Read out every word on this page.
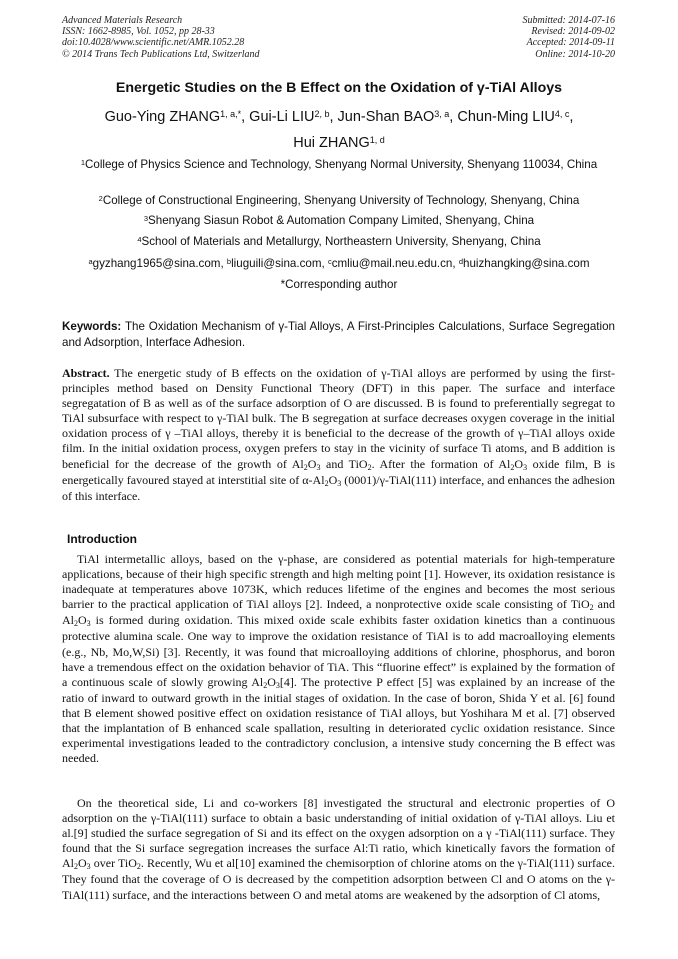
Advanced Materials Research
ISSN: 1662-8985, Vol. 1052, pp 28-33
doi:10.4028/www.scientific.net/AMR.1052.28
© 2014 Trans Tech Publications Ltd, Switzerland
Submitted: 2014-07-16
Revised: 2014-09-02
Accepted: 2014-09-11
Online: 2014-10-20
Energetic Studies on the B Effect on the Oxidation of γ-TiAl Alloys
Guo-Ying $ZHANG^{1, a,*}$, Gui-Li LIU$^{2, b}$, Jun-Shan BAO$^{3, a}$, Chun-Ming LIU$^{4, c}$,
Hui ZHANG$^{1, d}$
$^1$College of Physics Science and Technology, Shenyang Normal University, Shenyang 110034, China
$^2$College of Constructional Engineering, Shenyang University of Technology, Shenyang, China
$^3$Shenyang Siasun Robot & Automation Company Limited, Shenyang, China
$^4$School of Materials and Metallurgy, Northeastern University, Shenyang, China
$^a$gyzhang1965@sina.com, $^b$liuguili@sina.com, $^c$cmliu@mail.neu.edu.cn, $^d$huizhangking@sina.com
*Corresponding author
Keywords: The Oxidation Mechanism of γ-Tial Alloys, A First-Principles Calculations, Surface Segregation and Adsorption, Interface Adhesion.
Abstract. The energetic study of B effects on the oxidation of γ-TiAl alloys are performed by using the first-principles method based on Density Functional Theory (DFT) in this paper. The surface and interface segregatation of B as well as of the surface adsorption of O are discussed. B is found to preferentially segregat to TiAl subsurface with respect to γ-TiAl bulk. The B segregation at surface decreases oxygen coverage in the initial oxidation process of γ –TiAl alloys, thereby it is beneficial to the decrease of the growth of γ–TiAl alloys oxide film. In the initial oxidation process, oxygen prefers to stay in the vicinity of surface Ti atoms, and B addition is beneficial for the decrease of the growth of $Al_2O_3$ and TiO$_2$. After the formation of $Al_2O_3$ oxide film, B is energetically favoured stayed at interstitial site of $\alpha-Al_2O_3$ (0001)/γ-TiAl(111) interface, and enhances the adhesion of this interface.
Introduction
TiAl intermetallic alloys, based on the γ-phase, are considered as potential materials for high-temperature applications, because of their high specific strength and high melting point [1]. However, its oxidation resistance is inadequate at temperatures above 1073K, which reduces lifetime of the engines and becomes the most serious barrier to the practical application of TiAl alloys [2]. Indeed, a nonprotective oxide scale consisting of TiO$_2$ and $Al_2O_3$ is formed during oxidation. This mixed oxide scale exhibits faster oxidation kinetics than a continuous protective alumina scale. One way to improve the oxidation resistance of TiAl is to add macroalloying elements (e.g., Nb, Mo,W,Si) [3]. Recently, it was found that microalloying additions of chlorine, phosphorus, and boron have a tremendous effect on the oxidation behavior of TiA. This “fluorine effect” is explained by the formation of a continuous scale of slowly growing $Al_2O_3[4]$. The protective P effect [5] was explained by an increase of the ratio of inward to outward growth in the initial stages of oxidation. In the case of boron, Shida Y et al. [6] found that B element showed positive effect on oxidation resistance of TiAl alloys, but Yoshihara M et al. [7] observed that the implantation of B enhanced scale spallation, resulting in deteriorated cyclic oxidation resistance. Since experimental investigations leaded to the contradictory conclusion, a intensive study concerning the B effect was needed.
On the theoretical side, Li and co-workers [8] investigated the structural and electronic properties of O adsorption on the γ-TiAl(111) surface to obtain a basic understanding of initial oxidation of γ-TiAl alloys. Liu et al.[9] studied the surface segregation of Si and its effect on the oxygen adsorption on a γ -TiAl(111) surface. They found that the Si surface segregation increases the surface Al:Ti ratio, which kinetically favors the formation of $Al_2O_3$ over TiO$_2$. Recently, Wu et al[10] examined the chemisorption of chlorine atoms on the γ-TiAl(111) surface. They found that the coverage of O is decreased by the competition adsorption between Cl and O atoms on the γ-TiAl(111) surface, and the interactions between O and metal atoms are weakened by the adsorption of Cl atoms,
